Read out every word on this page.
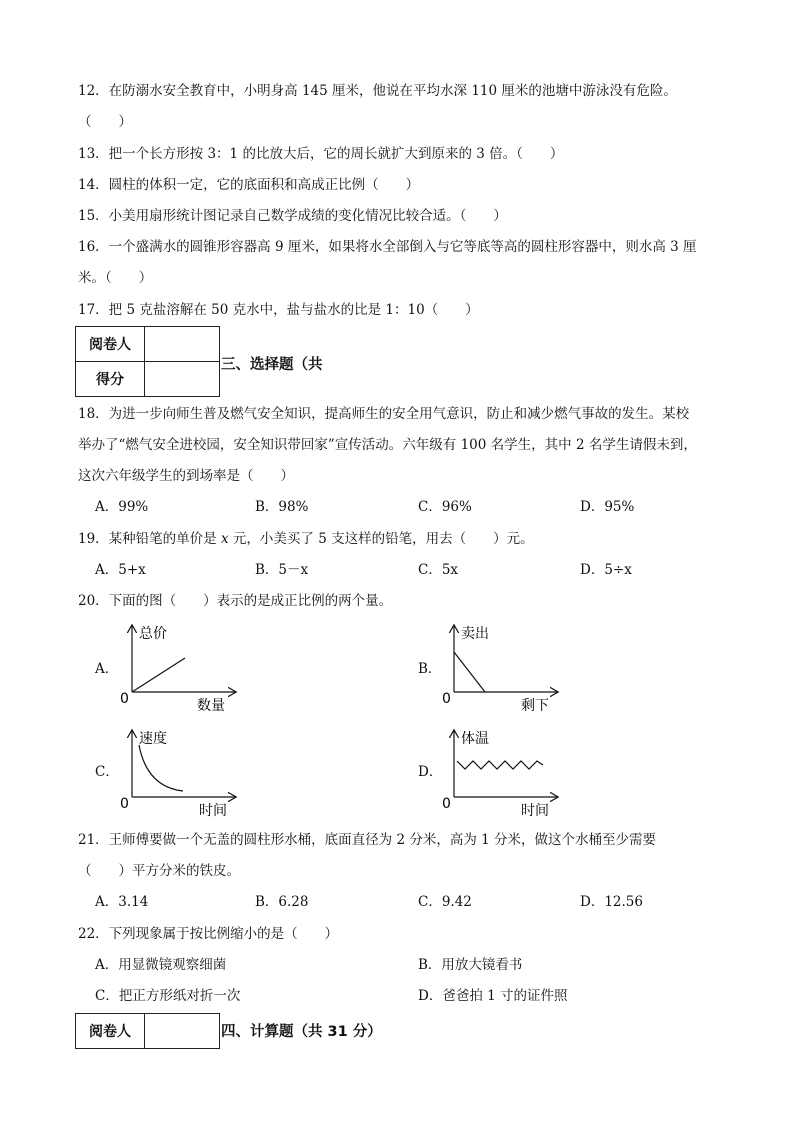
12．在防溺水安全教育中，小明身高 145 厘米，他说在平均水深 110 厘米的池塘中游泳没有危险。
（　　）
13．把一个长方形按 3：1 的比放大后，它的周长就扩大到原来的 3 倍。（　　）
14．圆柱的体积一定，它的底面积和高成正比例（　　）
15．小美用扇形统计图记录自己数学成绩的变化情况比较合适。（　　）
16．一个盛满水的圆锥形容器高 9 厘米，如果将水全部倒入与它等底等高的圆柱形容器中，则水高 3 厘
米。（　　）
17．把 5 克盐溶解在 50 克水中，盐与盐水的比是 1：10（　　）
阅卷人	
得分	
三、选择题（共
18．为进一步向师生普及燃气安全知识，提高师生的安全用气意识，防止和减少燃气事故的发生。某校
举办了“燃气安全进校园，安全知识带回家”宣传活动。六年级有 100 名学生，其中 2 名学生请假未到，
这次六年级学生的到场率是（　　）
A．99%	B．98%	C．96%	D．95%
19．某种铅笔的单价是 x 元，小美买了 5 支这样的铅笔，用去（　　）元。
A．5+x	B．5－x	C．5x	D．5÷x
20．下面的图（　　）表示的是成正比例的两个量。
A．
总价
数量
0
B．
卖出
剩下
0
C．
速度
时间
0
D．
体温
时间
0
21．王师傅要做一个无盖的圆柱形水桶，底面直径为 2 分米，高为 1 分米，做这个水桶至少需要
（　　）平方分米的铁皮。
A．3.14	B．6.28	C．9.42	D．12.56
22．下列现象属于按比例缩小的是（　　）
A．用显微镜观察细菌	B．用放大镜看书
C．把正方形纸对折一次	D．爸爸拍 1 寸的证件照
阅卷人		四、计算题（共 31 分）
